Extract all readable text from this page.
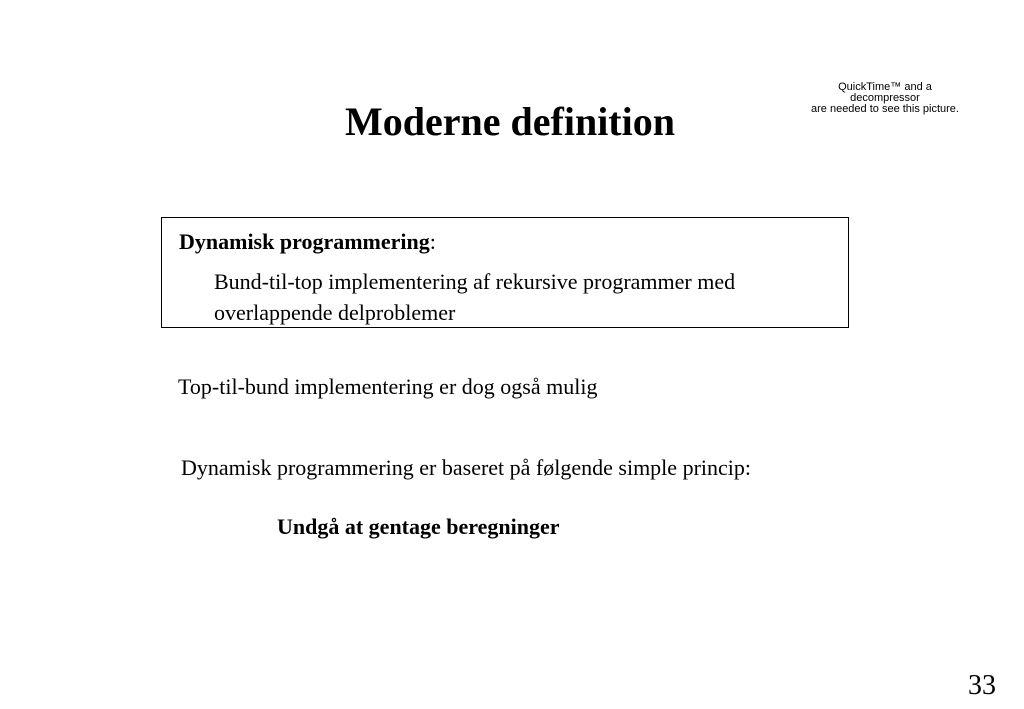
QuickTime™ and a
decompressor
are needed to see this picture.
Moderne definition
Dynamisk programmering:
Bund-til-top implementering af rekursive programmer med
overlappende delproblemer
Top-til-bund implementering er dog også mulig
Dynamisk programmering er baseret på følgende simple princip:
Undgå at gentage beregninger
33
